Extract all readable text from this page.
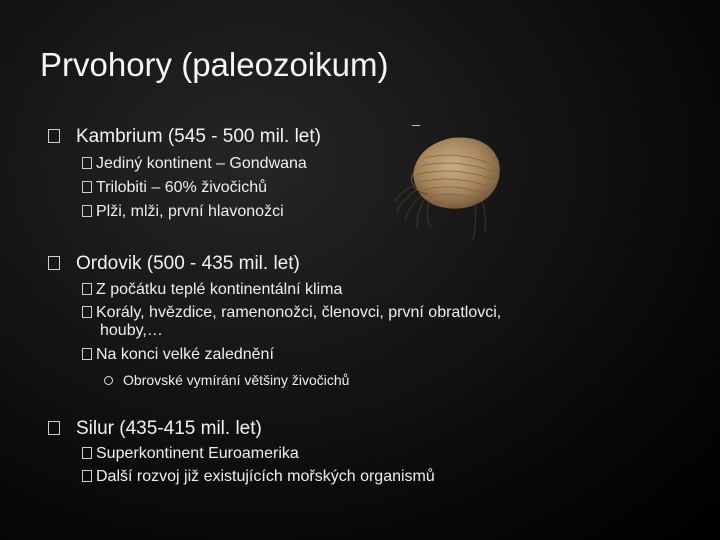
Prvohory (paleozoikum)
Kambrium (545 - 500 mil. let)
Jediný kontinent – Gondwana
Trilobiti – 60% živočichů
Plži, mlži, první hlavonožci
Ordovik (500 - 435 mil. let)
Z počátku teplé kontinentální klima
Korály, hvězdice, ramenonožci, členovci, první obratlovci,
houby,…
Na konci velké zalednění
Obrovské vymírání většiny živočichů
Silur (435-415 mil. let)
Superkontinent Euroamerika
Další rozvoj již existujících mořských organismů
